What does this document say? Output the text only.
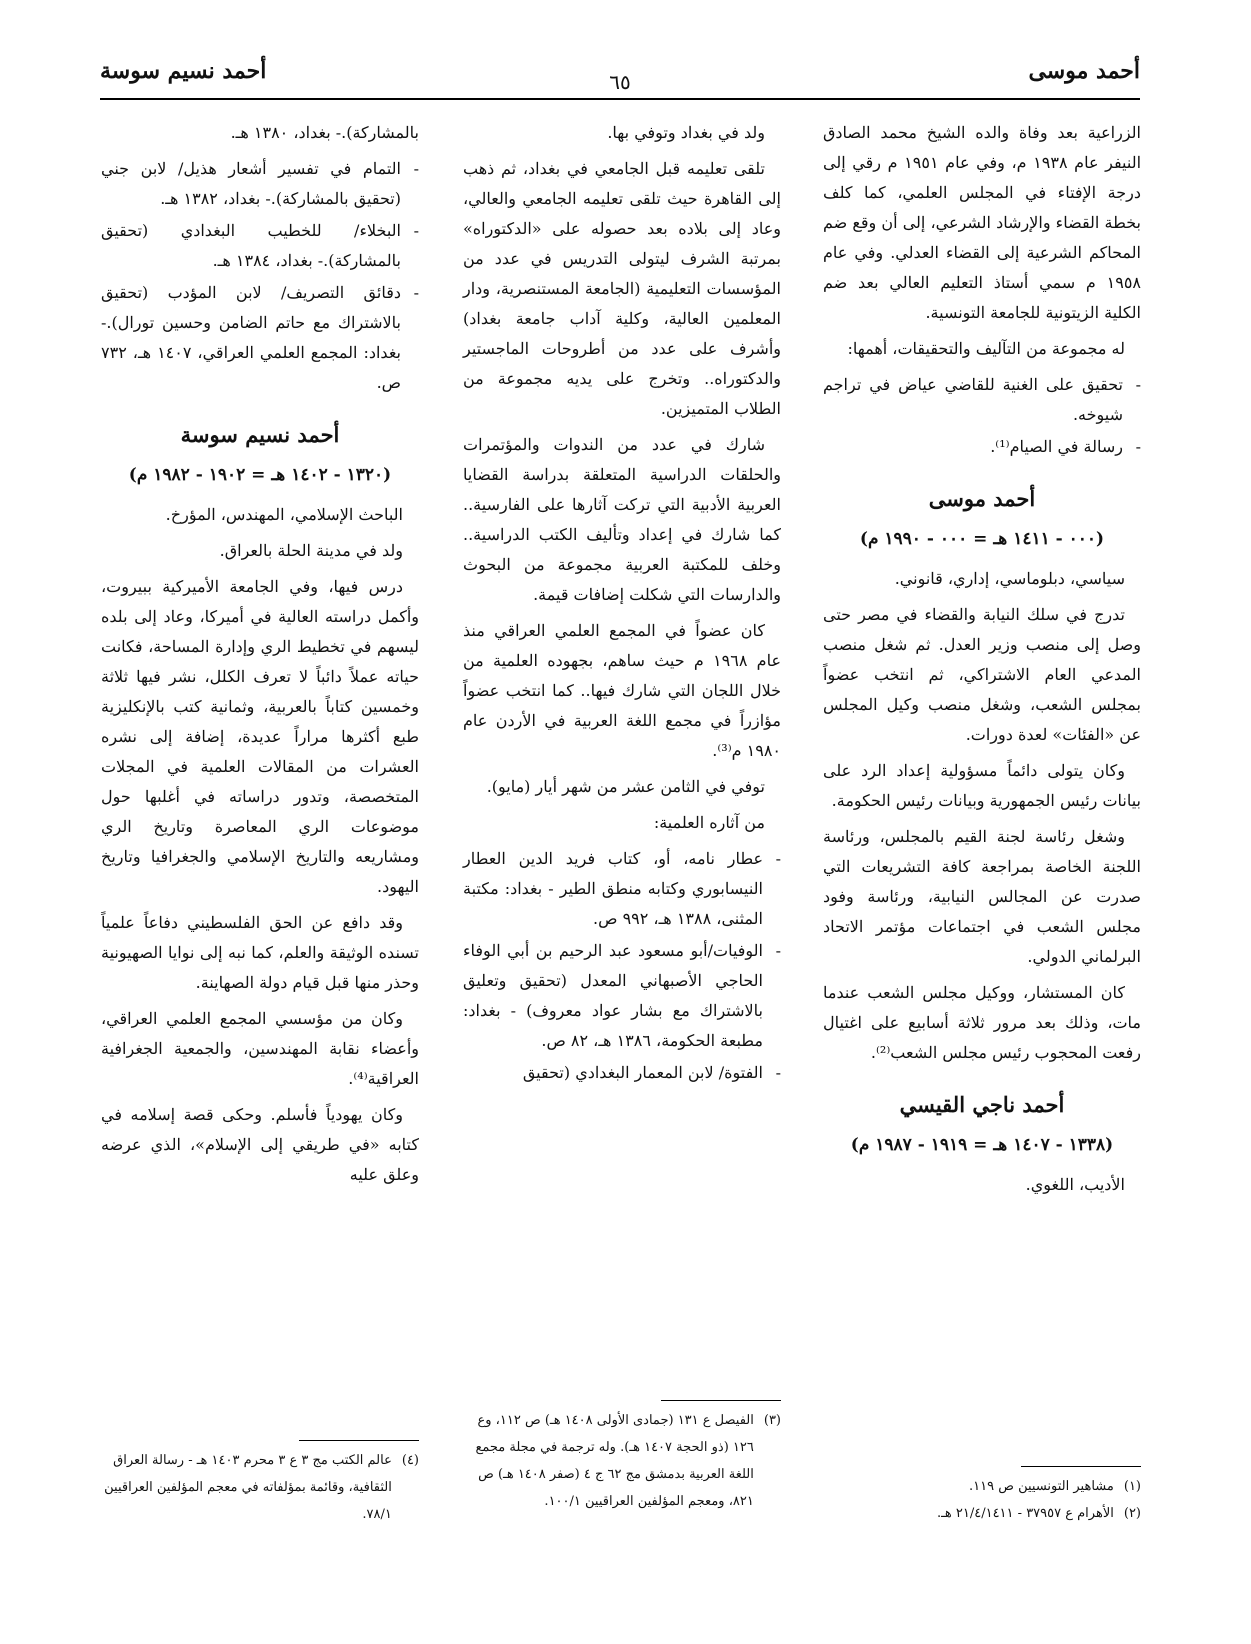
أحمد موسى
٦٥
أحمد نسيم سوسة

الزراعية بعد وفاة والده الشيخ محمد الصادق النيفر عام ١٩٣٨ م، وفي عام ١٩٥١ م رقي إلى درجة الإفتاء في المجلس العلمي، كما كلف بخطة القضاء والإرشاد الشرعي، إلى أن وقع ضم المحاكم الشرعية إلى القضاء العدلي. وفي عام ١٩٥٨ م سمي أستاذ التعليم العالي بعد ضم الكلية الزيتونية للجامعة التونسية.

له مجموعة من التآليف والتحقيقات، أهمها:

- تحقيق على الغنية للقاضي عياض في تراجم شيوخه.
- رسالة في الصيام⁽¹⁾.
أحمد موسى
(٠٠٠ - ١٤١١ هـ = ٠٠٠ - ١٩٩٠ م)

سياسي، دبلوماسي، إداري، قانوني.

تدرج في سلك النيابة والقضاء في مصر حتى وصل إلى منصب وزير العدل. ثم شغل منصب المدعي العام الاشتراكي، ثم انتخب عضواً بمجلس الشعب، وشغل منصب وكيل المجلس عن «الفئات» لعدة دورات.

وكان يتولى دائماً مسؤولية إعداد الرد على بيانات رئيس الجمهورية وبيانات رئيس الحكومة.

وشغل رئاسة لجنة القيم بالمجلس، ورئاسة اللجنة الخاصة بمراجعة كافة التشريعات التي صدرت عن المجالس النيابية، ورئاسة وفود مجلس الشعب في اجتماعات مؤتمر الاتحاد البرلماني الدولي.

كان المستشار، ووكيل مجلس الشعب عندما مات، وذلك بعد مرور ثلاثة أسابيع على اغتيال رفعت المحجوب رئيس مجلس الشعب⁽²⁾.

أحمد ناجي القيسي
(١٣٣٨ - ١٤٠٧ هـ = ١٩١٩ - ١٩٨٧ م)

الأديب، اللغوي.

ولد في بغداد وتوفي بها.

تلقى تعليمه قبل الجامعي في بغداد، ثم ذهب إلى القاهرة حيث تلقى تعليمه الجامعي والعالي، وعاد إلى بلاده بعد حصوله على «الدكتوراه» بمرتبة الشرف ليتولى التدريس في عدد من المؤسسات التعليمية (الجامعة المستنصرية، ودار المعلمين العالية، وكلية آداب جامعة بغداد) وأشرف على عدد من أطروحات الماجستير والدكتوراه.. وتخرج على يديه مجموعة من الطلاب المتميزين.

شارك في عدد من الندوات والمؤتمرات والحلقات الدراسية المتعلقة بدراسة القضايا العربية الأدبية التي تركت آثارها على الفارسية.. كما شارك في إعداد وتأليف الكتب الدراسية.. وخلف للمكتبة العربية مجموعة من البحوث والدارسات التي شكلت إضافات قيمة.

كان عضواً في المجمع العلمي العراقي منذ عام ١٩٦٨ م حيث ساهم، بجهوده العلمية من خلال اللجان التي شارك فيها.. كما انتخب عضواً مؤازراً في مجمع اللغة العربية في الأردن عام ١٩٨٠ م⁽³⁾.

توفي في الثامن عشر من شهر أيار (مايو).

من آثاره العلمية:

- عطار نامه، أو، كتاب فريد الدين العطار النيسابوري وكتابه منطق الطير - بغداد: مكتبة المثنى، ١٣٨٨ هـ، ٩٩٢ ص.
- الوفيات/أبو مسعود عبد الرحيم بن أبي الوفاء الحاجي الأصبهاني المعدل (تحقيق وتعليق بالاشتراك مع بشار عواد معروف) - بغداد: مطبعة الحكومة، ١٣٨٦ هـ، ٨٢ ص.
- الفتوة/ لابن المعمار البغدادي (تحقيق

بالمشاركة).- بغداد، ١٣٨٠ هـ.

- التمام في تفسير أشعار هذيل/ لابن جني (تحقيق بالمشاركة).- بغداد، ١٣٨٢ هـ.
- البخلاء/ للخطيب البغدادي (تحقيق بالمشاركة).- بغداد، ١٣٨٤ هـ.
- دقائق التصريف/ لابن المؤدب (تحقيق بالاشتراك مع حاتم الضامن وحسين تورال).- بغداد: المجمع العلمي العراقي، ١٤٠٧ هـ، ٧٣٢ ص.
أحمد نسيم سوسة
(١٣٢٠ - ١٤٠٢ هـ = ١٩٠٢ - ١٩٨٢ م)

الباحث الإسلامي، المهندس، المؤرخ.

ولد في مدينة الحلة بالعراق.

درس فيها، وفي الجامعة الأميركية ببيروت، وأكمل دراسته العالية في أميركا، وعاد إلى بلده ليسهم في تخطيط الري وإدارة المساحة، فكانت حياته عملاً دائباً لا تعرف الكلل، نشر فيها ثلاثة وخمسين كتاباً بالعربية، وثمانية كتب بالإنكليزية طبع أكثرها مراراً عديدة، إضافة إلى نشره العشرات من المقالات العلمية في المجلات المتخصصة، وتدور دراساته في أغلبها حول موضوعات الري المعاصرة وتاريخ الري ومشاريعه والتاريخ الإسلامي والجغرافيا وتاريخ اليهود.

وقد دافع عن الحق الفلسطيني دفاعاً علمياً تسنده الوثيقة والعلم، كما نبه إلى نوايا الصهيونية وحذر منها قبل قيام دولة الصهاينة.

وكان من مؤسسي المجمع العلمي العراقي، وأعضاء نقابة المهندسين، والجمعية الجغرافية العراقية⁽⁴⁾.

وكان يهودياً فأسلم. وحكى قصة إسلامه في كتابه «في طريقي إلى الإسلام»، الذي عرضه وعلق عليه

(١)
مشاهير التونسيين ص ١١٩.
(٢)
الأهرام ع ٣٧٩٥٧ - ٢١/٤/١٤١١ هـ.
(٣)
الفيصل ع ١٣١ (جمادى الأولى ١٤٠٨ هـ) ص ١١٢، وع ١٢٦ (ذو الحجة ١٤٠٧ هـ). وله ترجمة في مجلة مجمع اللغة العربية بدمشق مج ٦٢ ج ٤ (صفر ١٤٠٨ هـ) ص ٨٢١، ومعجم المؤلفين العراقيين ١٠٠/١.
(٤)
عالم الكتب مج ٣ ع ٣ محرم ١٤٠٣ هـ - رسالة العراق الثقافية، وقائمة بمؤلفاته في معجم المؤلفين العراقيين ٧٨/١.
